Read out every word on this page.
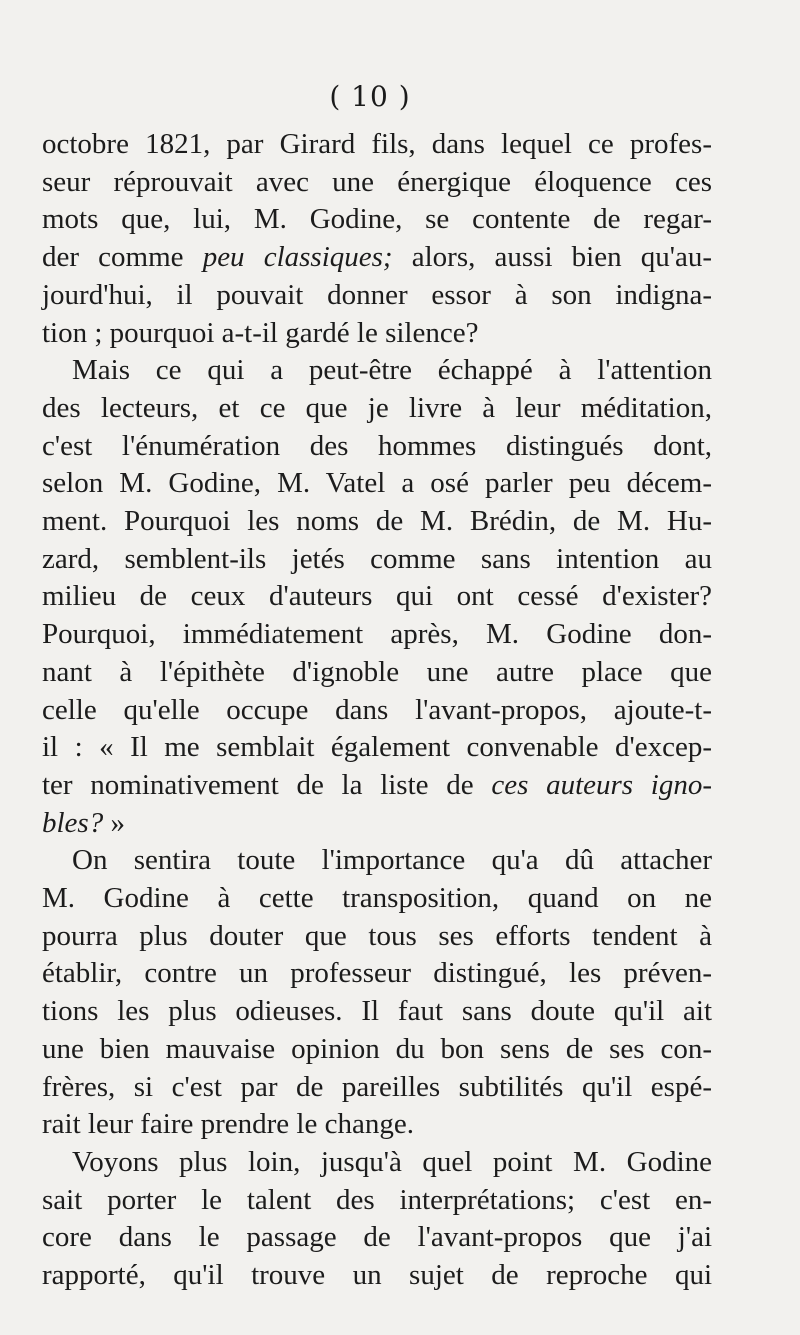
( 10 )
octobre 1821, par Girard fils, dans lequel ce profes-
seur réprouvait avec une énergique éloquence ces
mots que, lui, M. Godine, se contente de regar-
der comme peu classiques; alors, aussi bien qu'au-
jourd'hui, il pouvait donner essor à son indigna-
tion ; pourquoi a-t-il gardé le silence?
Mais ce qui a peut-être échappé à l'attention
des lecteurs, et ce que je livre à leur méditation,
c'est l'énumération des hommes distingués dont,
selon M. Godine, M. Vatel a osé parler peu décem-
ment. Pourquoi les noms de M. Brédin, de M. Hu-
zard, semblent-ils jetés comme sans intention au
milieu de ceux d'auteurs qui ont cessé d'exister?
Pourquoi, immédiatement après, M. Godine don-
nant à l'épithète d'ignoble une autre place que
celle qu'elle occupe dans l'avant-propos, ajoute-t-
il : « Il me semblait également convenable d'excep-
ter nominativement de la liste de ces auteurs igno-
bles? »
On sentira toute l'importance qu'a dû attacher
M. Godine à cette transposition, quand on ne
pourra plus douter que tous ses efforts tendent à
établir, contre un professeur distingué, les préven-
tions les plus odieuses. Il faut sans doute qu'il ait
une bien mauvaise opinion du bon sens de ses con-
frères, si c'est par de pareilles subtilités qu'il espé-
rait leur faire prendre le change.
Voyons plus loin, jusqu'à quel point M. Godine
sait porter le talent des interprétations; c'est en-
core dans le passage de l'avant-propos que j'ai
rapporté, qu'il trouve un sujet de reproche qui
